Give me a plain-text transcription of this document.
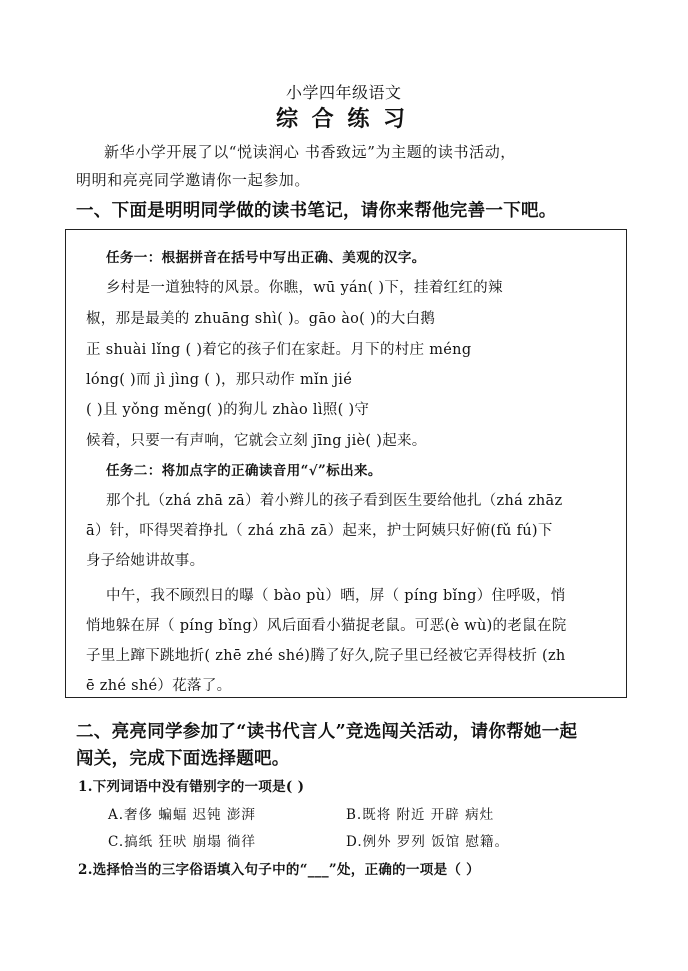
小学四年级语文
综 合 练 习
新华小学开展了以“悦读润心 书香致远”为主题的读书活动，
明明和亮亮同学邀请你一起参加。
一、下面是明明同学做的读书笔记，请你来帮他完善一下吧。
任务一：根据拼音在括号中写出正确、美观的汉字。
乡村是一道独特的风景。你瞧，wū yán( )下，挂着红红的辣
椒，那是最美的 zhuāng shì( )。gāo ào( )的大白鹅
正 shuài lǐng ( )着它的孩子们在家赶。月下的村庄 méng
lóng( )而 jì jìng ( )，那只动作 mǐn jié
( )且 yǒng měng( )的狗儿 zhào lì照( )守
候着，只要一有声响，它就会立刻 jīng jiè( )起来。
任务二：将加点字的正确读音用“√”标出来。
那个扎（zhá zhā zā）着小辫儿的孩子看到医生要给他扎（zhá zhāz
ā）针，吓得哭着挣扎（ zhá zhā zā）起来，护士阿姨只好俯(fǔ fú)下
身子给她讲故事。
中午，我不顾烈日的曝（ bào pù）晒，屏（ píng bǐng）住呼吸，悄
悄地躲在屏（ píng bǐng）风后面看小猫捉老鼠。可恶(è wù)的老鼠在院
子里上蹿下跳地折( zhē zhé shé)腾了好久,院子里已经被它弄得枝折 (zh
ē zhé shé）花落了。
二、亮亮同学参加了“读书代言人”竞选闯关活动，请你帮她一起
闯关，完成下面选择题吧。
1.下列词语中没有错别字的一项是( )
A.奢侈 蝙蝠 迟钝 澎湃	B.既将 附近 开辟 病灶
C.搞纸 狂吠 崩塌 徜徉	D.例外 罗列 饭馆 慰籍。
2.选择恰当的三字俗语填入句子中的“___”处，正确的一项是（ ）
